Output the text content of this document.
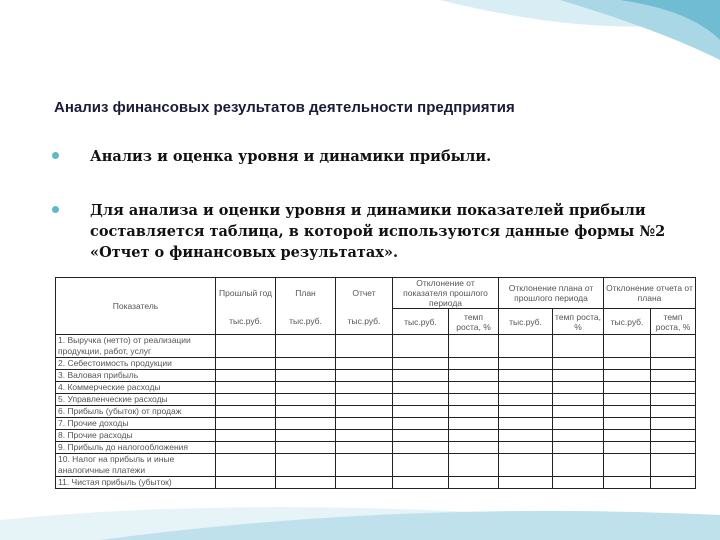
Анализ финансовых результатов деятельности предприятия
Анализ и оценка уровня и динамики прибыли.
Для анализа и оценки уровня и динамики показателей прибыли составляется таблица, в которой используются данные формы №2 «Отчет о финансовых результатах».
Показатель	Прошлый год	План	Отчет	Отклонение от показателя прошлого периода		Отклонение плана от прошлого периода		Отклонение отчета от плана	
	тыс.руб.	тыс.руб.	тыс.руб.	тыс.руб.	темп роста, %	тыс.руб.	темп роста, %	тыс.руб.	темп роста, %
1. Выручка (нетто) от реализации продукции, работ, услуг									
2. Себестоимость продукции									
3. Валовая прибыль									
4. Коммерческие расходы									
5. Управленческие расходы									
6. Прибыль (убыток) от продаж									
7. Прочие доходы									
8. Прочие расходы									
9. Прибыль до налогообложения									
10. Налог на прибыль и иные аналогичные платежи									
11. Чистая прибыль (убыток)									
